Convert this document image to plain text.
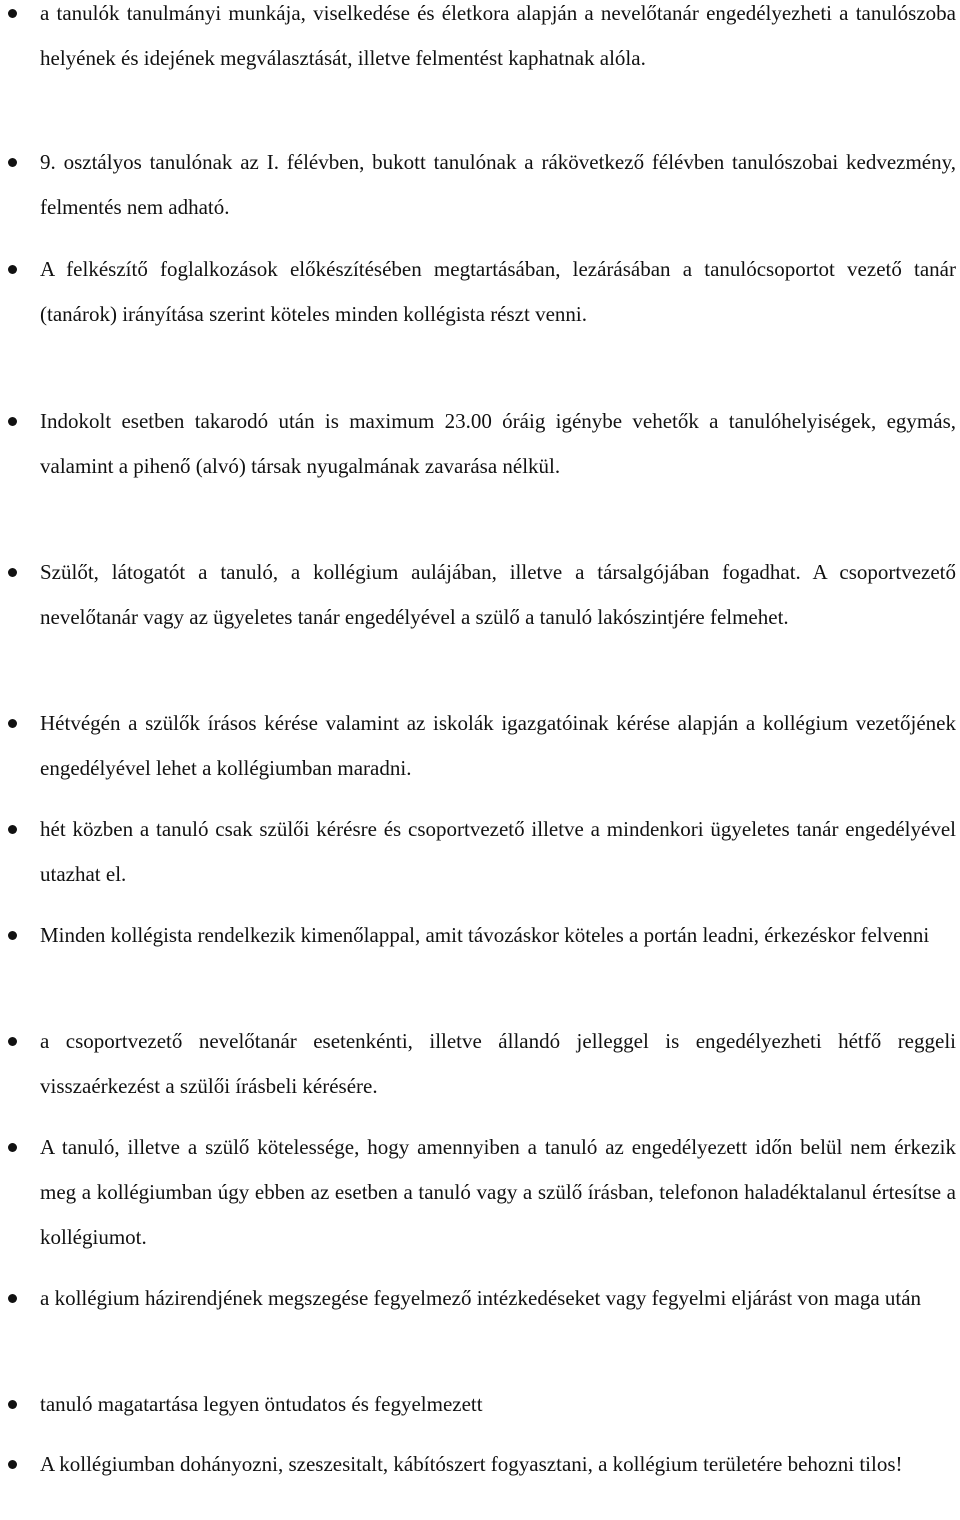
a tanulók tanulmányi munkája, viselkedése és életkora alapján a nevelőtanár engedélyezheti a tanulószoba helyének és idejének megválasztását, illetve felmentést kaphatnak alóla.

9. osztályos tanulónak az I. félévben, bukott tanulónak a rákövetkező félévben tanulószobai kedvezmény, felmentés nem adható.

A felkészítő foglalkozások előkészítésében megtartásában, lezárásában a tanulócsoportot vezető tanár (tanárok) irányítása szerint köteles minden kollégista részt venni.

Indokolt esetben takarodó után is maximum 23.00 óráig igénybe vehetők a tanulóhelyiségek, egymás, valamint a pihenő (alvó) társak nyugalmának zavarása nélkül.

Szülőt, látogatót a tanuló, a kollégium aulájában, illetve a társalgójában fogadhat. A csoportvezető nevelőtanár vagy az ügyeletes tanár engedélyével a szülő a tanuló lakószintjére felmehet.

Hétvégén a szülők írásos kérése valamint az iskolák igazgatóinak kérése alapján a kollégium vezetőjének engedélyével lehet a kollégiumban maradni.

hét közben a tanuló csak szülői kérésre és csoportvezető illetve a mindenkori ügyeletes tanár engedélyével utazhat el.

Minden kollégista rendelkezik kimenőlappal, amit távozáskor köteles a portán leadni, érkezéskor felvenni

a csoportvezető nevelőtanár esetenkénti, illetve állandó jelleggel is engedélyezheti hétfő reggeli visszaérkezést a szülői írásbeli kérésére.

A tanuló, illetve a szülő kötelessége, hogy amennyiben a tanuló az engedélyezett időn belül nem érkezik meg a kollégiumban úgy ebben az esetben a tanuló vagy a szülő írásban, telefonon haladéktalanul értesítse a kollégiumot.

a kollégium házirendjének megszegése fegyelmező intézkedéseket vagy fegyelmi eljárást von maga után

tanuló magatartása legyen öntudatos és fegyelmezett

A kollégiumban dohányozni, szeszesitalt, kábítószert fogyasztani, a kollégium területére behozni tilos!
